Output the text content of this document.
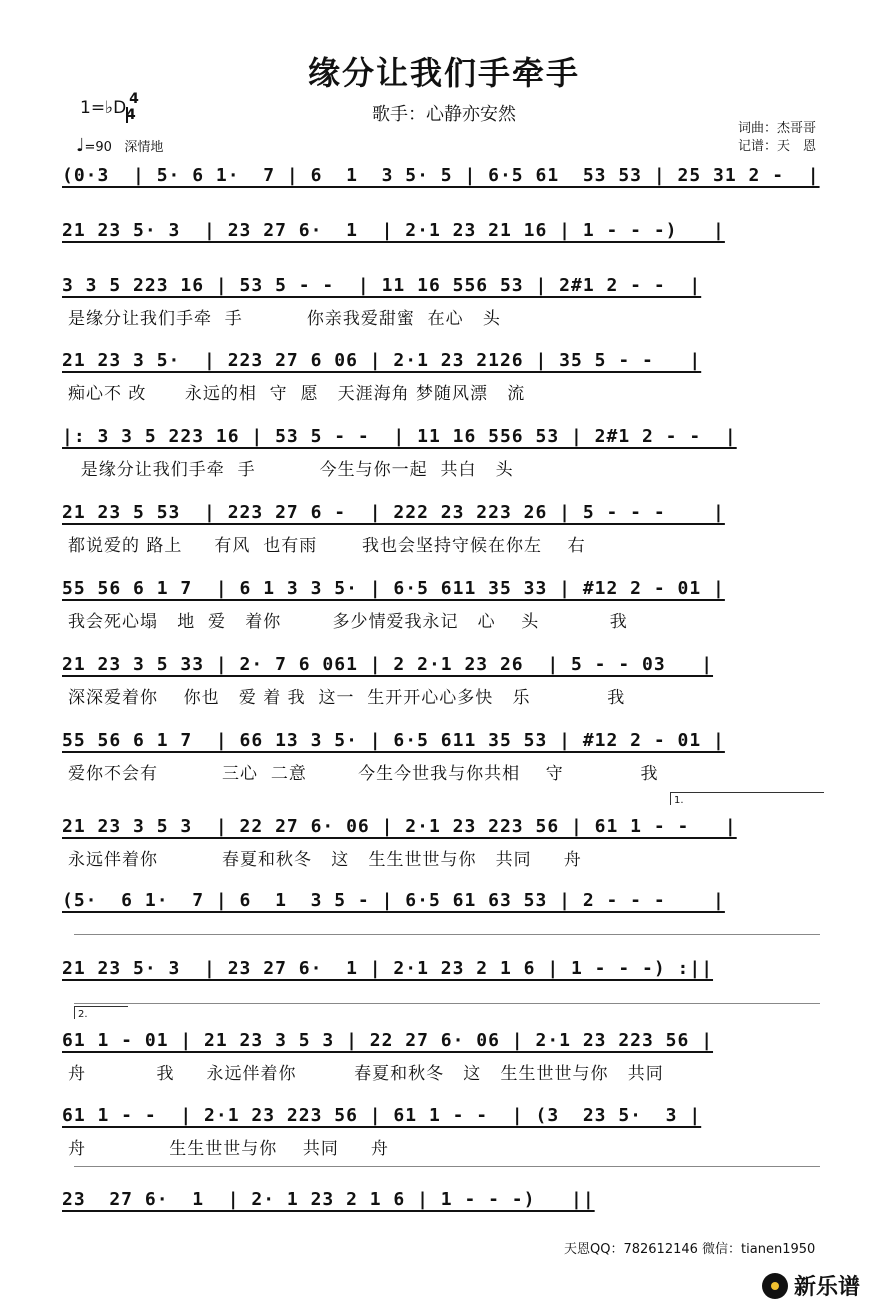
缘分让我们手牵手
歌手：心静亦安然
1=♭D 4
4
♩=90 深情地
词曲：杰哥哥
记谱：天　恩
(0·3  | 5· 6 1·  7 | 6  1  3 5· 5 | 6·5 61  53 53 | 25 31 2 -  |
21 23 5· 3  | 23 27 6·  1  | 2·1 23 21 16 | 1 - - -)   |
3 3 5 223 16 | 53 5 - -  | 11 16 556 53 | 2#1 2 - -  |
是缘分让我们手牵  手          你亲我爱甜蜜  在心   头
21 23 3 5·  | 223 27 6 06 | 2·1 23 2126 | 35 5 - -   |
痴心不 改      永远的相  守  愿   天涯海角 梦随风漂   流
|: 3 3 5 223 16 | 53 5 - -  | 11 16 556 53 | 2#1 2 - -  |
是缘分让我们手牵  手          今生与你一起  共白   头
21 23 5 53  | 223 27 6 -  | 222 23 223 26 | 5 - - -    |
都说爱的 路上     有风  也有雨       我也会坚持守候在你左    右
55 56 6 1 7  | 6 1 3 3 5· | 6·5 611 35 33 | #12 2 - 01 |
我会死心塌   地  爱   着你        多少情爱我永记   心    头           我
21 23 3 5 33 | 2· 7 6 061 | 2 2·1 23 26  | 5 - - 03   |
深深爱着你    你也   爱 着 我  这一  生开开心心多快   乐            我
55 56 6 1 7  | 66 13 3 5· | 6·5 611 35 53 | #12 2 - 01 |
爱你不会有          三心  二意        今生今世我与你共相    守            我
1.
21 23 3 5 3  | 22 27 6· 06 | 2·1 23 223 56 | 61 1 - -   |
永远伴着你          春夏和秋冬   这   生生世世与你   共同     舟
(5·  6 1·  7 | 6  1  3 5 - | 6·5 61 63 53 | 2 - - -    |
21 23 5· 3  | 23 27 6·  1 | 2·1 23 2 1 6 | 1 - - -) :||
2.
61 1 - 01 | 21 23 3 5 3 | 22 27 6· 06 | 2·1 23 223 56 |
舟           我     永远伴着你         春夏和秋冬   这   生生世世与你   共同
61 1 - -  | 2·1 23 223 56 | 61 1 - -  | (3  23 5·  3 |
舟             生生世世与你    共同     舟
23  27 6·  1  | 2· 1 23 2 1 6 | 1 - - -)   ||
天恩QQ：782612146 微信：tianen1950
新乐谱
